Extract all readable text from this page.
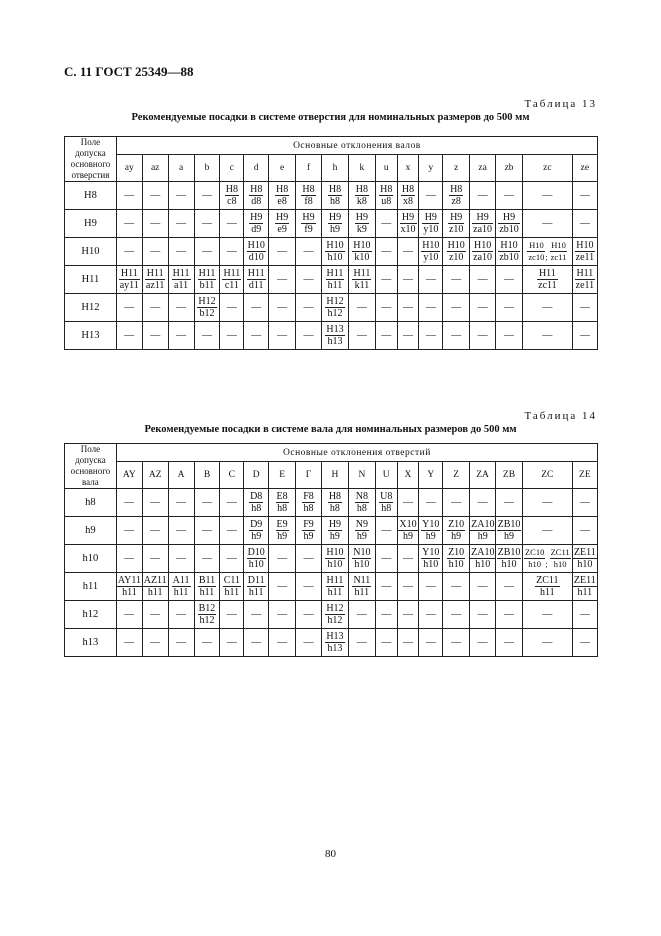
С. 11 ГОСТ 25349—88
Таблица 13
Рекомендуемые посадки в системе отверстия для номинальных размеров до 500 мм
Поле допуска основного отверстия	Основные отклонения валов																	
	ay	az	a	b	c	d	e	f	h	k	u	x	y	z	za	zb	zc	ze
H8	—	—	—	—	$\frac{H8}{c8}$	$\frac{H8}{d8}$	$\frac{H8}{e8}$	$\frac{H8}{f8}$	$\frac{H8}{h8}$	$\frac{H8}{k8}$	$\frac{H8}{u8}$	$\frac{H8}{x8}$	—	$\frac{H8}{z8}$	—	—	—	—
H9	—	—	—	—	—	$\frac{H9}{d9}$	$\frac{H9}{e9}$	$\frac{H9}{f9}$	$\frac{H9}{h9}$	$\frac{H9}{k9}$	—	$\frac{H9}{x10}$	$\frac{H9}{y10}$	$\frac{H9}{z10}$	$\frac{H9}{za10}$	$\frac{H9}{zb10}$	—	—
H10	—	—	—	—	—	$\frac{H10}{d10}$	—	—	$\frac{H10}{h10}$	$\frac{H10}{k10}$	—	—	$\frac{H10}{y10}$	$\frac{H10}{z10}$	$\frac{H10}{za10}$	$\frac{H10}{zb10}$	$\frac{H10}{zc10}$ ; $\frac{H10}{zc11}$	$\frac{H10}{ze11}$

H11	$\frac{H11}{ay11}$	$\frac{H11}{az11}$	$\frac{H11}{a11}$	$\frac{H11}{b11}$	$\frac{H11}{c11}$	$\frac{H11}{d11}$	—	—	$\frac{H11}{h11}$	$\frac{H11}{k11}$	—	—	—	—	—	—	$\frac{H11}{zc11}$	$\frac{H11}{ze11}$

H12	—	—	—	$\frac{H12}{b12}$	—	—	—	—	$\frac{H12}{h12}$	—	—	—	—	—	—	—	—	—
H13	—	—	—	—	—	—	—	—	$\frac{H13}{h13}$	—	—	—	—	—	—	—	—	—
Таблица 14
Рекомендуемые посадки в системе вала для номинальных размеров до 500 мм
Поле допуска основного вала	Основные отклонения отверстий																	
	AY	AZ	A	B	C	D	E	Г	H	N	U	X	Y	Z	ZA	ZB	ZC	ZE
h8	—	—	—	—	—	$\frac{D8}{h8}$	$\frac{E8}{h8}$	$\frac{F8}{h8}$	$\frac{H8}{h8}$	$\frac{N8}{h8}$	$\frac{U8}{h8}$	—	—	—	—	—	—	—
h9	—	—	—	—	—	$\frac{D9}{h9}$	$\frac{E9}{h9}$	$\frac{F9}{h9}$	$\frac{H9}{h9}$	$\frac{N9}{h9}$	—	$\frac{X10}{h9}$	$\frac{Y10}{h9}$	$\frac{Z10}{h9}$	$\frac{ZA10}{h9}$	$\frac{ZB10}{h9}$	—	—
h10	—	—	—	—	—	$\frac{D10}{h10}$	—	—	$\frac{H10}{h10}$	$\frac{N10}{h10}$	—	—	$\frac{Y10}{h10}$	$\frac{Z10}{h10}$	$\frac{ZA10}{h10}$	$\frac{ZB10}{h10}$	$\frac{ZC10}{h10}$ ; $\frac{ZC11}{h10}$	$\frac{ZE11}{h10}$

h11	$\frac{AY11}{h11}$	$\frac{AZ11}{h11}$	$\frac{A11}{h11}$	$\frac{B11}{h11}$	$\frac{C11}{h11}$	$\frac{D11}{h11}$	—	—	$\frac{H11}{h11}$	$\frac{N11}{h11}$	—	—	—	—	—	—	$\frac{ZC11}{h11}$	$\frac{ZE11}{h11}$

h12	—	—	—	$\frac{B12}{h12}$	—	—	—	—	$\frac{H12}{h12}$	—	—	—	—	—	—	—	—	—
h13	—	—	—	—	—	—	—	—	$\frac{H13}{h13}$	—	—	—	—	—	—	—	—	—
80
